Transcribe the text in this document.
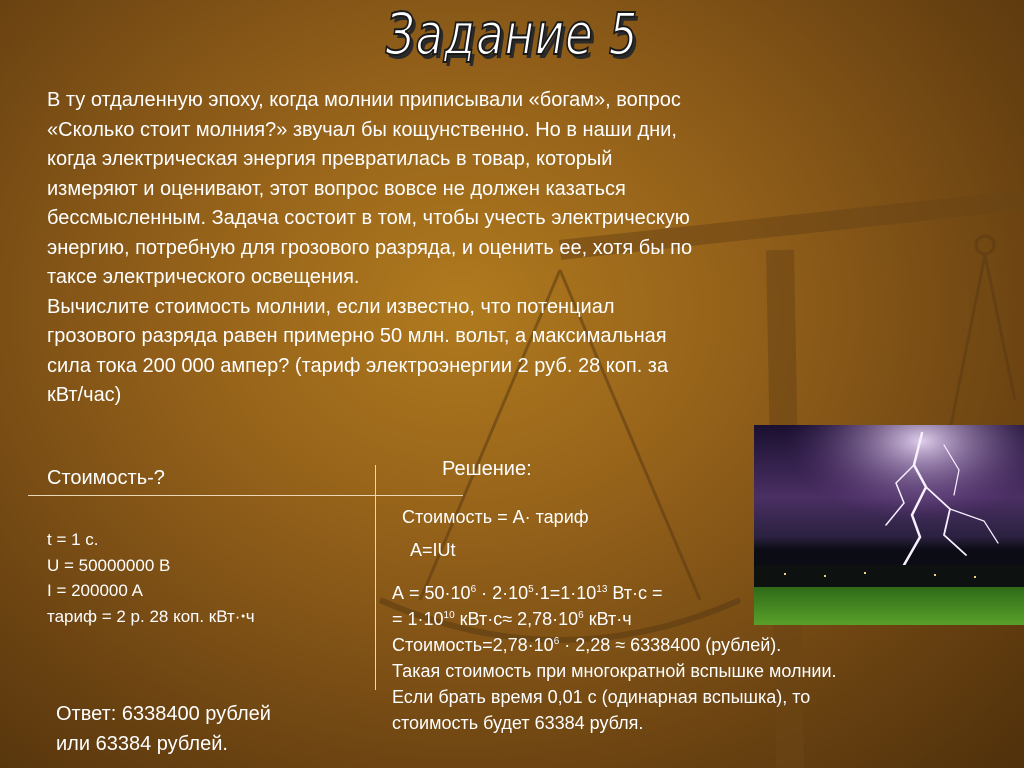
Задание 5
В ту отдаленную эпоху, когда молнии приписывали «богам», вопрос
«Сколько стоит молния?» звучал бы кощунственно. Но в наши дни,
когда электрическая энергия превратилась в товар, который
измеряют и оценивают, этот вопрос вовсе не должен казаться
бессмысленным. Задача состоит в том, чтобы учесть электрическую
энергию, потребную для грозового разряда, и оценить ее, хотя бы по
таксе электрического освещения.
Вычислите стоимость молнии, если известно, что потенциал
грозового разряда равен примерно 50 млн. вольт, а максимальная
сила тока 200 000 ампер? (тариф электроэнергии 2 руб. 28 коп. за
кВт/час)
Стоимость-?	Решение:
t = 1 с.
U = 50000000 В
I = 200000 A
тариф = 2 р. 28 коп. кВт·ꞏч
Стоимость = А· тариф
А=IUt
$А = 50\cdot 10^6 \cdot 2\cdot 10^5\cdot 1=1\cdot 10^{13}$ Вт·с =
= $1\cdot 10^{10}$ $кВт\cdot с\approx 2,78\cdot 10^6$ кВт·ч
$Стоимость=2,78\cdot 10^6 \cdot 2,28 \approx 6338400$ (рублей).
Такая стоимость при многократной вспышке молнии.
Если брать время 0,01 с (одинарная вспышка), то
стоимость будет 63384 рубля.
Ответ: 6338400 рублей
или 63384 рублей.
